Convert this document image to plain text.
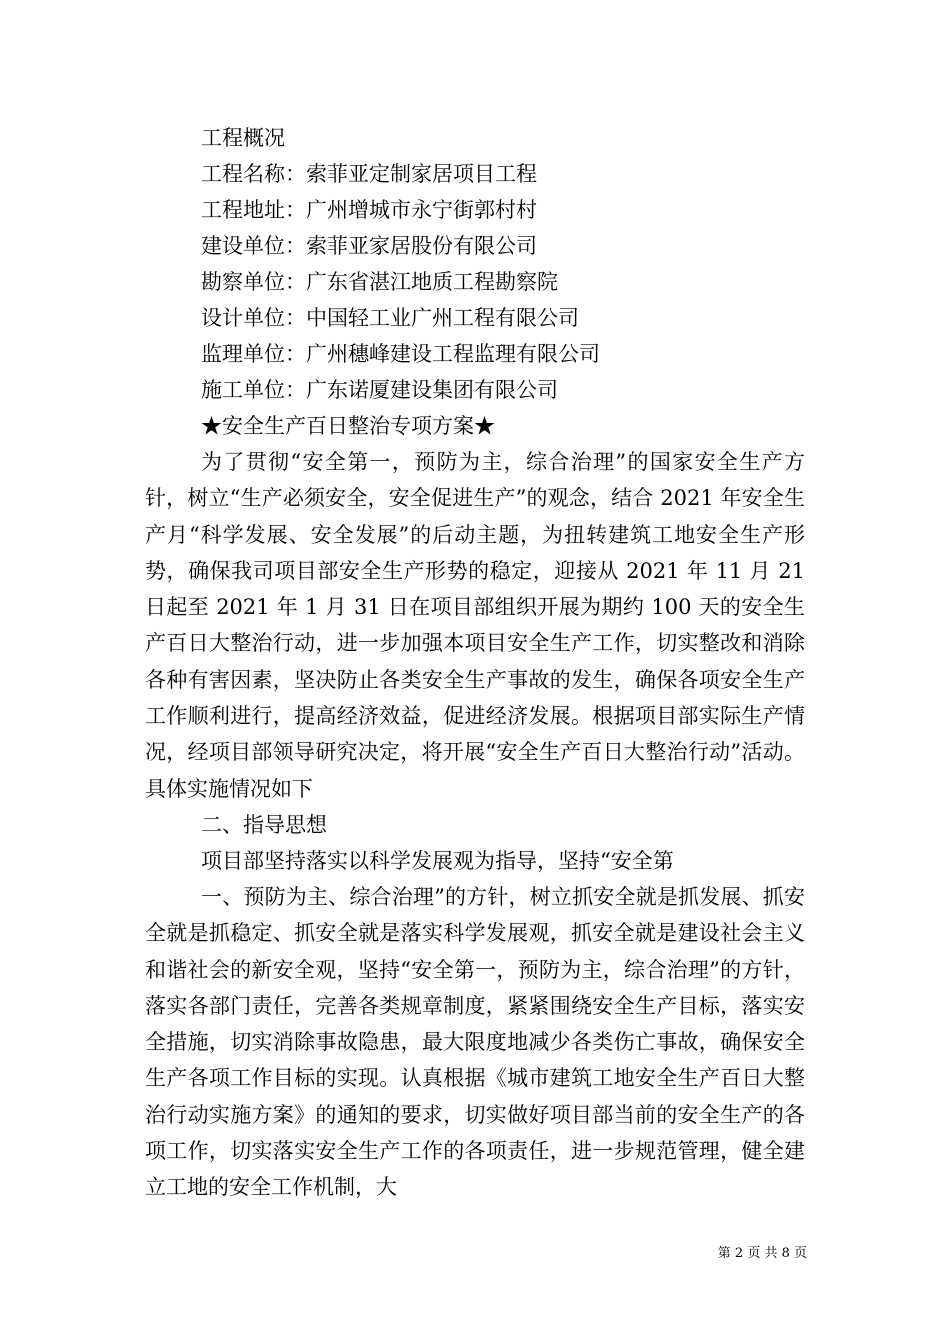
工程概况
工程名称：索菲亚定制家居项目工程
工程地址：广州增城市永宁街郭村村
建设单位：索菲亚家居股份有限公司
勘察单位：广东省湛江地质工程勘察院
设计单位：中国轻工业广州工程有限公司
监理单位：广州穗峰建设工程监理有限公司
施工单位：广东诺厦建设集团有限公司
★安全生产百日整治专项方案★

为了贯彻“安全第一，预防为主，综合治理”的国家安全生产方针，树立“生产必须安全，安全促进生产”的观念，结合 2021 年安全生产月“科学发展、安全发展”的后动主题，为扭转建筑工地安全生产形势，确保我司项目部安全生产形势的稳定，迎接从 2021 年 11 月 21 日起至 2021 年 1 月 31 日在项目部组织开展为期约 100 天的安全生产百日大整治行动，进一步加强本项目安全生产工作，切实整改和消除各种有害因素，坚决防止各类安全生产事故的发生，确保各项安全生产工作顺利进行，提高经济效益，促进经济发展。根据项目部实际生产情况，经项目部领导研究决定，将开展“安全生产百日大整治行动”活动。具体实施情况如下

二、指导思想
项目部坚持落实以科学发展观为指导，坚持“安全第

一、预防为主、综合治理”的方针，树立抓安全就是抓发展、抓安全就是抓稳定、抓安全就是落实科学发展观，抓安全就是建设社会主义和谐社会的新安全观，坚持“安全第一，预防为主，综合治理”的方针，落实各部门责任，完善各类规章制度，紧紧围绕安全生产目标，落实安全措施，切实消除事故隐患，最大限度地减少各类伤亡事故，确保安全生产各项工作目标的实现。认真根据《城市建筑工地安全生产百日大整治行动实施方案》的通知的要求，切实做好项目部当前的安全生产的各项工作，切实落实安全生产工作的各项责任，进一步规范管理，健全建立工地的安全工作机制，大

第 2 页 共 8 页
